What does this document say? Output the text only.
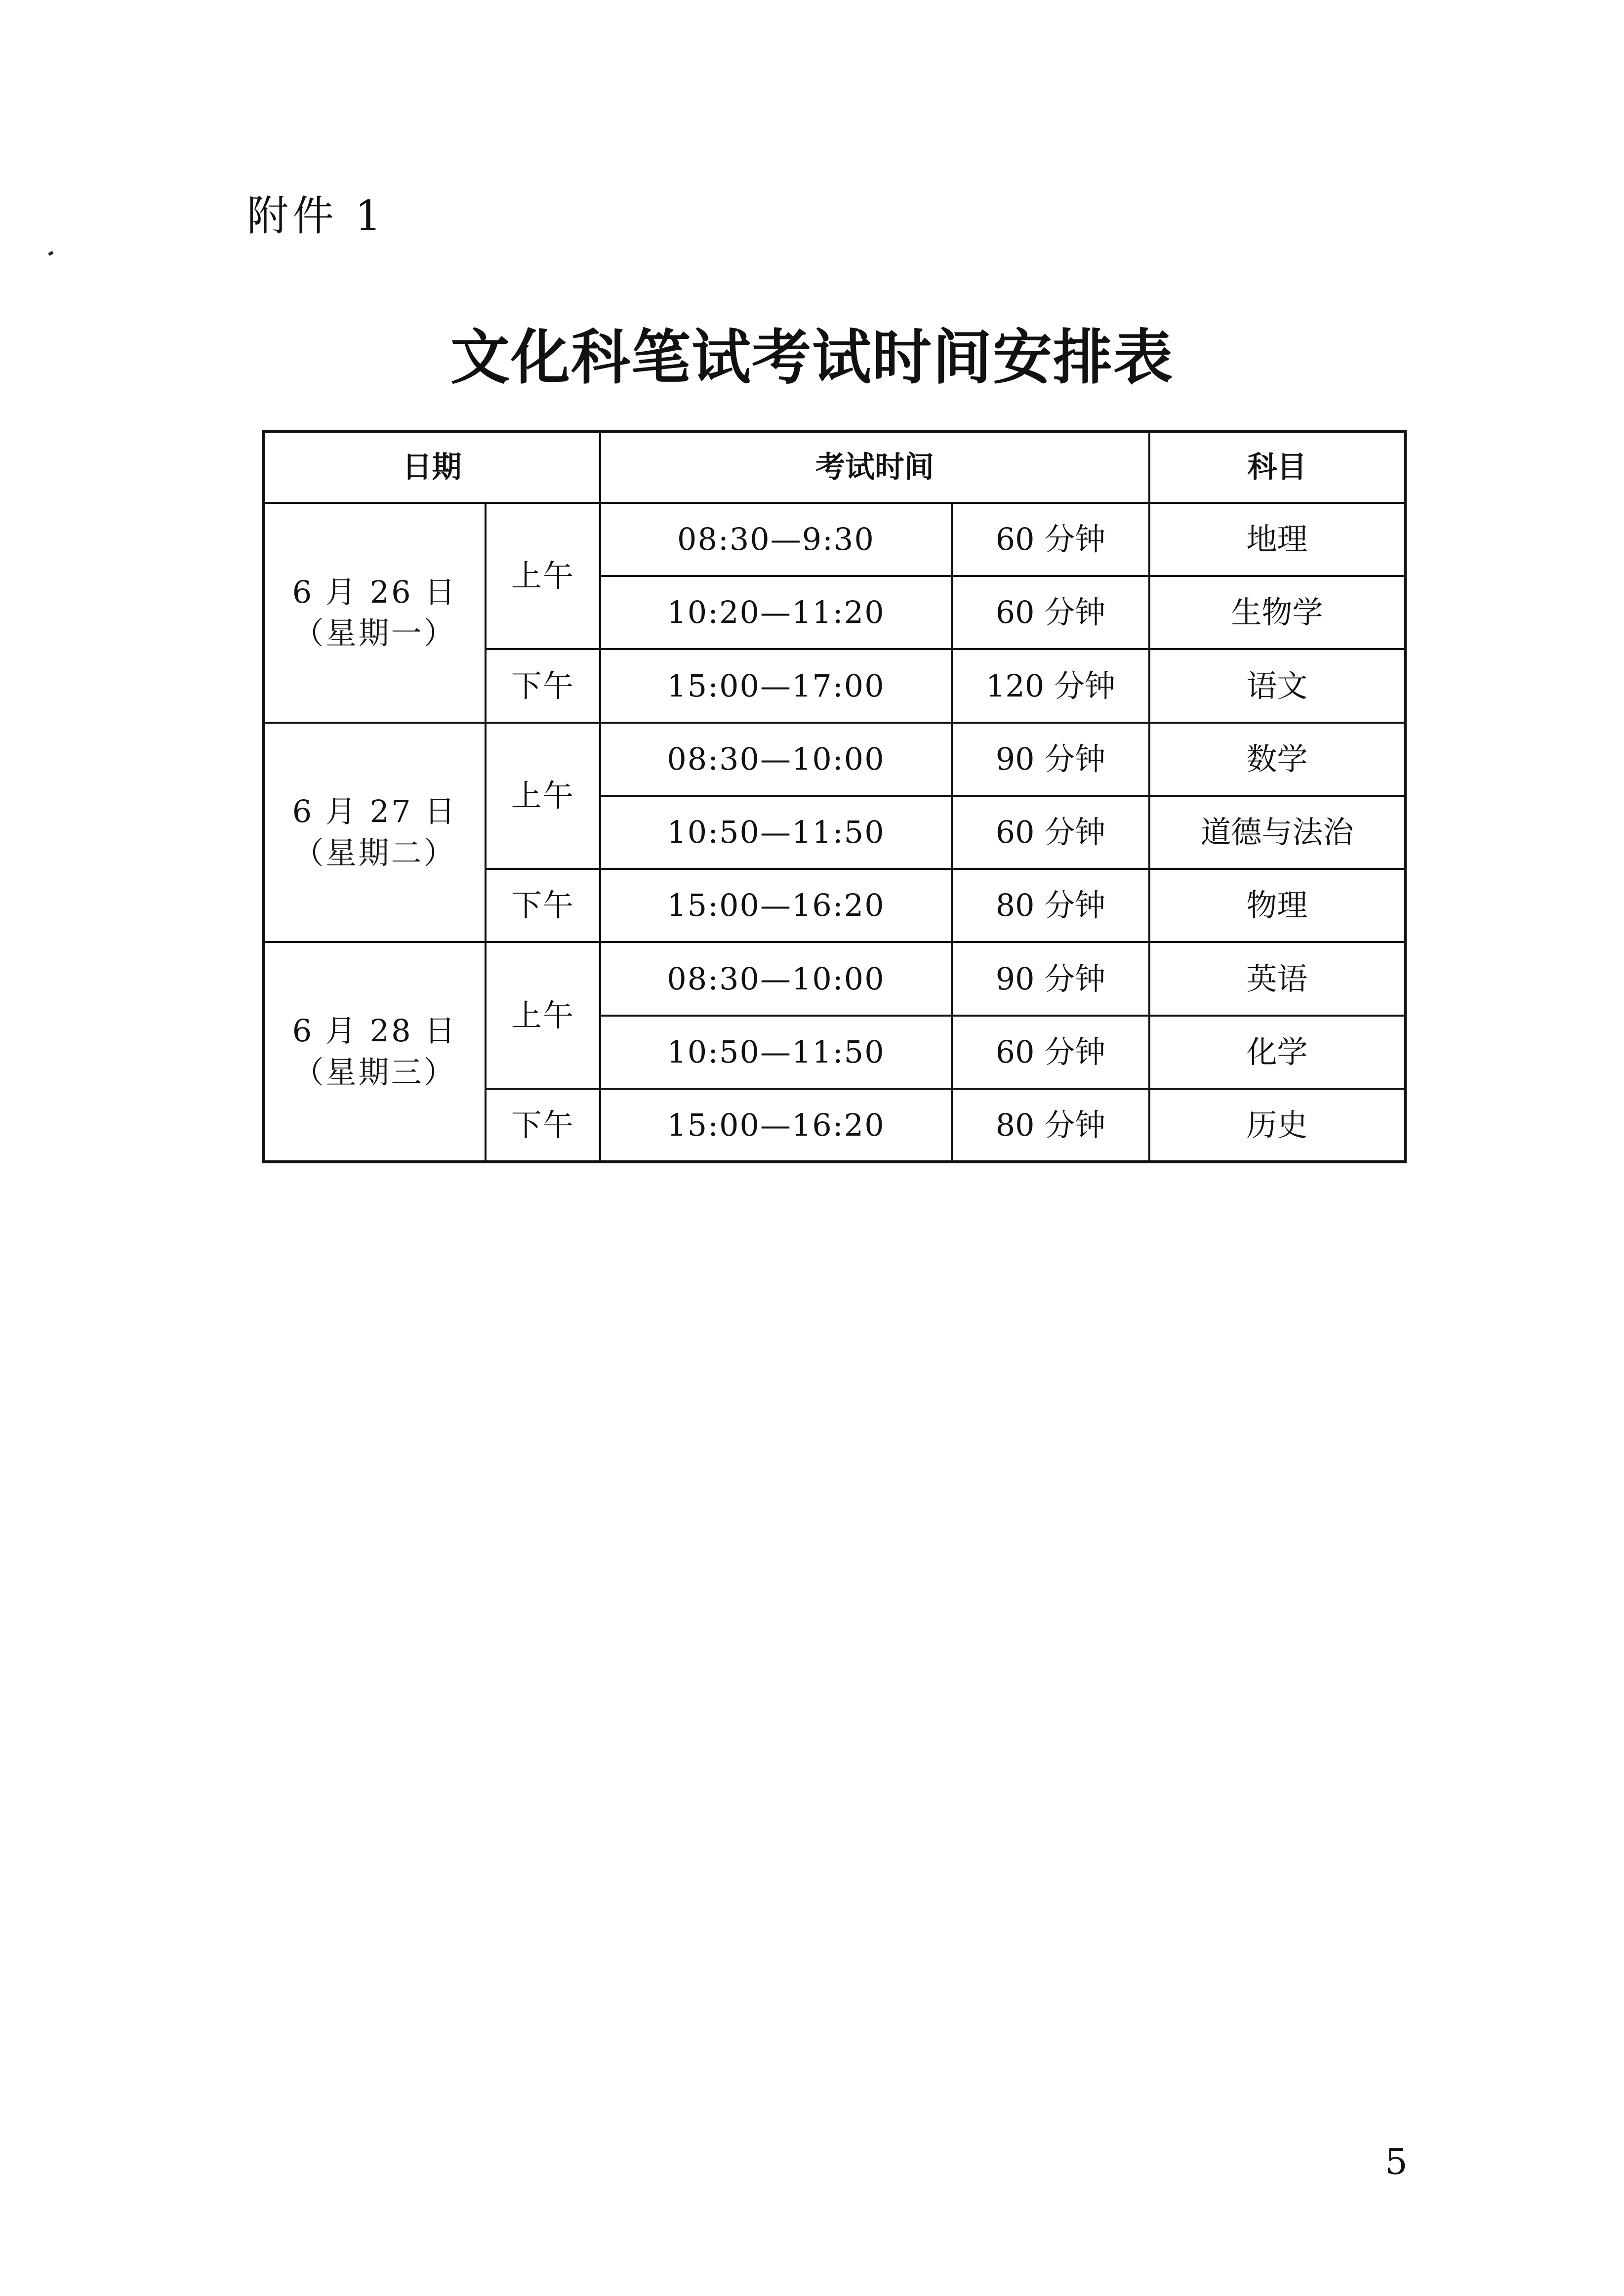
附件 1
文化科笔试考试时间安排表
日期		考试时间		科目

6 月 26 日
（星期一）	上午	08:30—9:30	60 分钟	地理
		10:20—11:20	60 分钟	生物学
	下午	15:00—17:00	120 分钟	语文

6 月 27 日
（星期二）	上午	08:30—10:00	90 分钟	数学
		10:50—11:50	60 分钟	道德与法治
	下午	15:00—16:20	80 分钟	物理

6 月 28 日
（星期三）	上午	08:30—10:00	90 分钟	英语
		10:50—11:50	60 分钟	化学
	下午	15:00—16:20	80 分钟	历史
5
